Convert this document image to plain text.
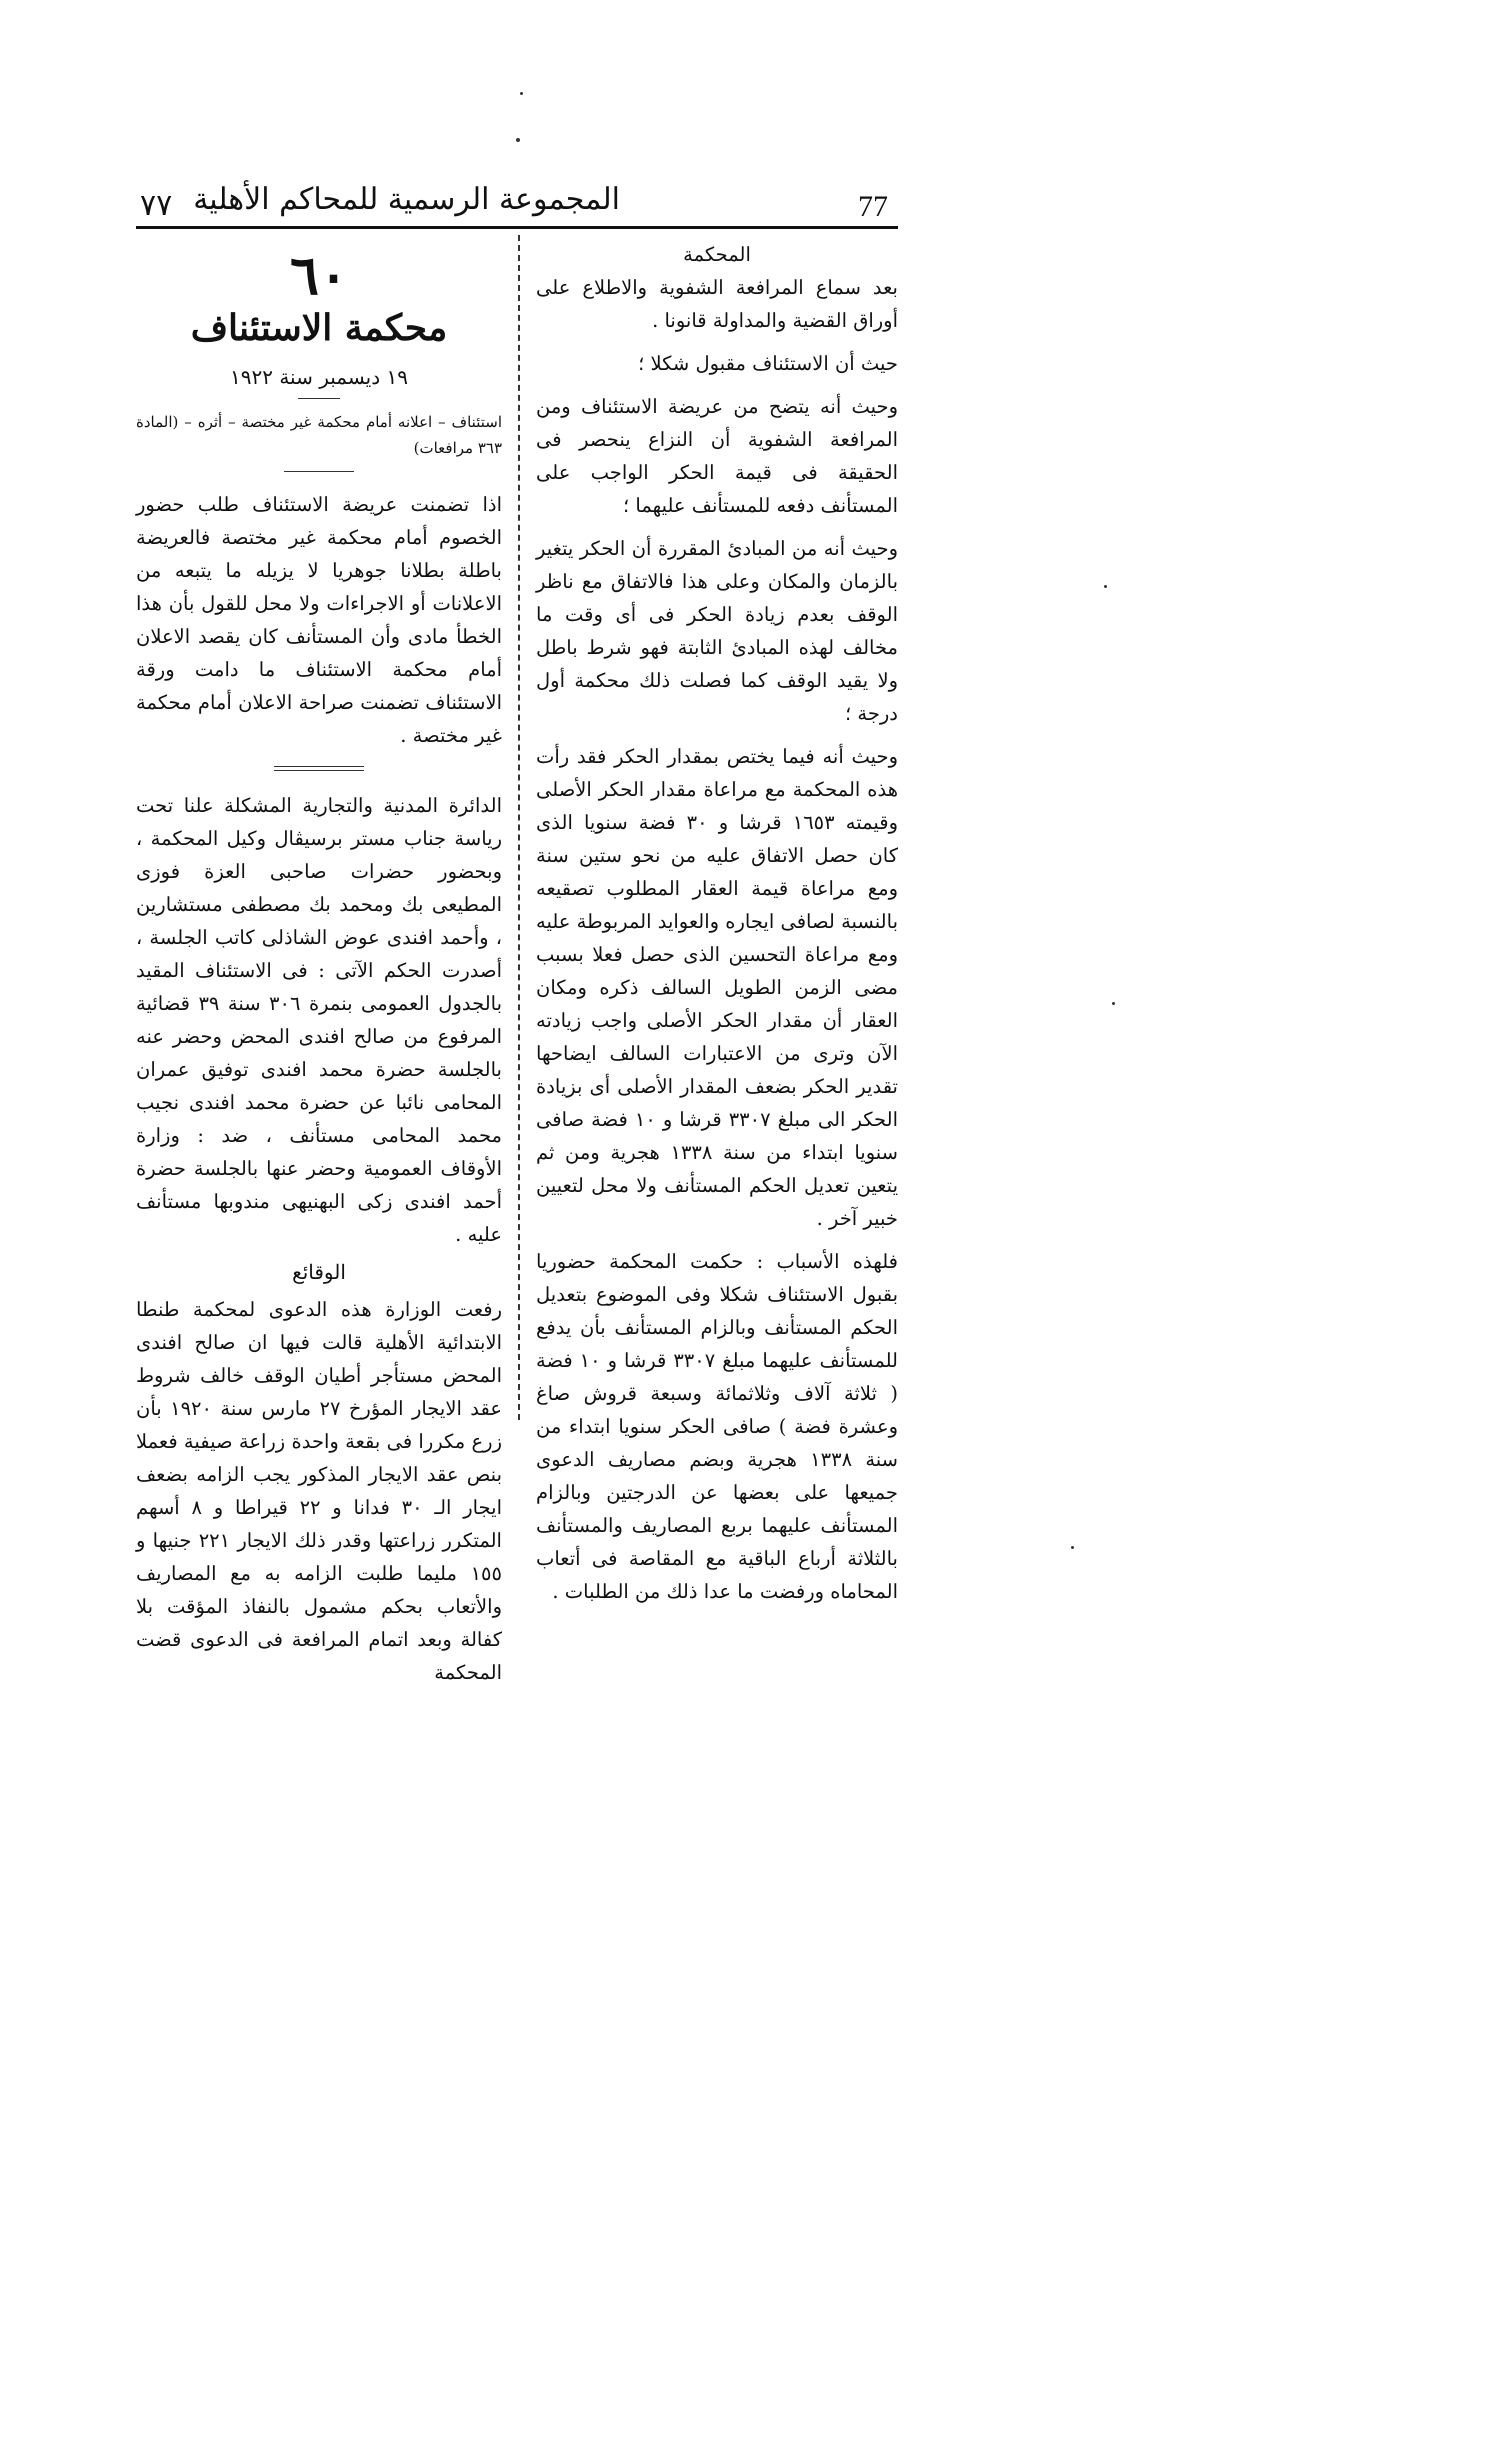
٧٧ المجموعة الرسمية للمحاكم الأهلية	77

المحكمة

بعد سماع المرافعة الشفوية والاطلاع على أوراق القضية والمداولة قانونا .

حيث أن الاستئناف مقبول شكلا ؛

وحيث أنه يتضح من عريضة الاستئناف ومن المرافعة الشفوية أن النزاع ينحصر فى الحقيقة فى قيمة الحكر الواجب على المستأنف دفعه للمستأنف عليهما ؛

وحيث أنه من المبادئ المقررة أن الحكر يتغير بالزمان والمكان وعلى هذا فالاتفاق مع ناظر الوقف بعدم زيادة الحكر فى أى وقت ما مخالف لهذه المبادئ الثابتة فهو شرط باطل ولا يقيد الوقف كما فصلت ذلك محكمة أول درجة ؛

وحيث أنه فيما يختص بمقدار الحكر فقد رأت هذه المحكمة مع مراعاة مقدار الحكر الأصلى وقيمته ١٦٥٣ قرشا و ٣٠ فضة سنويا الذى كان حصل الاتفاق عليه من نحو ستين سنة ومع مراعاة قيمة العقار المطلوب تصقيعه بالنسبة لصافى ايجاره والعوايد المربوطة عليه ومع مراعاة التحسين الذى حصل فعلا بسبب مضى الزمن الطويل السالف ذكره ومكان العقار أن مقدار الحكر الأصلى واجب زيادته الآن وترى من الاعتبارات السالف ايضاحها تقدير الحكر بضعف المقدار الأصلى أى بزيادة الحكر الى مبلغ ٣٣٠٧ قرشا و ١٠ فضة صافى سنويا ابتداء من سنة ١٣٣٨ هجرية ومن ثم يتعين تعديل الحكم المستأنف ولا محل لتعيين خبير آخر .

فلهذه الأسباب : حكمت المحكمة حضوريا بقبول الاستئناف شكلا وفى الموضوع بتعديل الحكم المستأنف وبالزام المستأنف بأن يدفع للمستأنف عليهما مبلغ ٣٣٠٧ قرشا و ١٠ فضة ( ثلاثة آلاف وثلاثمائة وسبعة قروش صاغ وعشرة فضة ) صافى الحكر سنويا ابتداء من سنة ١٣٣٨ هجرية وبضم مصاريف الدعوى جميعها على بعضها عن الدرجتين وبالزام المستأنف عليهما بربع المصاريف والمستأنف بالثلاثة أرباع الباقية مع المقاصة فى أتعاب المحاماه ورفضت ما عدا ذلك من الطلبات .

٦٠
محكمة الاستئناف
١٩ ديسمبر سنة ١٩٢٢

استئناف – اعلانه أمام محكمة غير مختصة – أثره – (المادة ٣٦٣ مرافعات)

اذا تضمنت عريضة الاستئناف طلب حضور الخصوم أمام محكمة غير مختصة فالعريضة باطلة بطلانا جوهريا لا يزيله ما يتبعه من الاعلانات أو الاجراءات ولا محل للقول بأن هذا الخطأ مادى وأن المستأنف كان يقصد الاعلان أمام محكمة الاستئناف ما دامت ورقة الاستئناف تضمنت صراحة الاعلان أمام محكمة غير مختصة .

الدائرة المدنية والتجارية المشكلة علنا تحت رياسة جناب مستر برسيڤال وكيل المحكمة ، وبحضور حضرات صاحبى العزة فوزى المطيعى بك ومحمد بك مصطفى مستشارين ، وأحمد افندى عوض الشاذلى كاتب الجلسة ، أصدرت الحكم الآتى : فى الاستئناف المقيد بالجدول العمومى بنمرة ٣٠٦ سنة ٣٩ قضائية المرفوع من صالح افندى المحض وحضر عنه بالجلسة حضرة محمد افندى توفيق عمران المحامى نائبا عن حضرة محمد افندى نجيب محمد المحامى مستأنف ، ضد : وزارة الأوقاف العمومية وحضر عنها بالجلسة حضرة أحمد افندى زكى البهنيهى مندوبها مستأنف عليه .

الوقائع

رفعت الوزارة هذه الدعوى لمحكمة طنطا الابتدائية الأهلية قالت فيها ان صالح افندى المحض مستأجر أطيان الوقف خالف شروط عقد الايجار المؤرخ ٢٧ مارس سنة ١٩٢٠ بأن زرع مكررا فى بقعة واحدة زراعة صيفية فعملا بنص عقد الايجار المذكور يجب الزامه بضعف ايجار الـ ٣٠ فدانا و ٢٢ قيراطا و ٨ أسهم المتكرر زراعتها وقدر ذلك الايجار ٢٢١ جنيها و ١٥٥ مليما طلبت الزامه به مع المصاريف والأتعاب بحكم مشمول بالنفاذ المؤقت بلا كفالة وبعد اتمام المرافعة فى الدعوى قضت المحكمة
